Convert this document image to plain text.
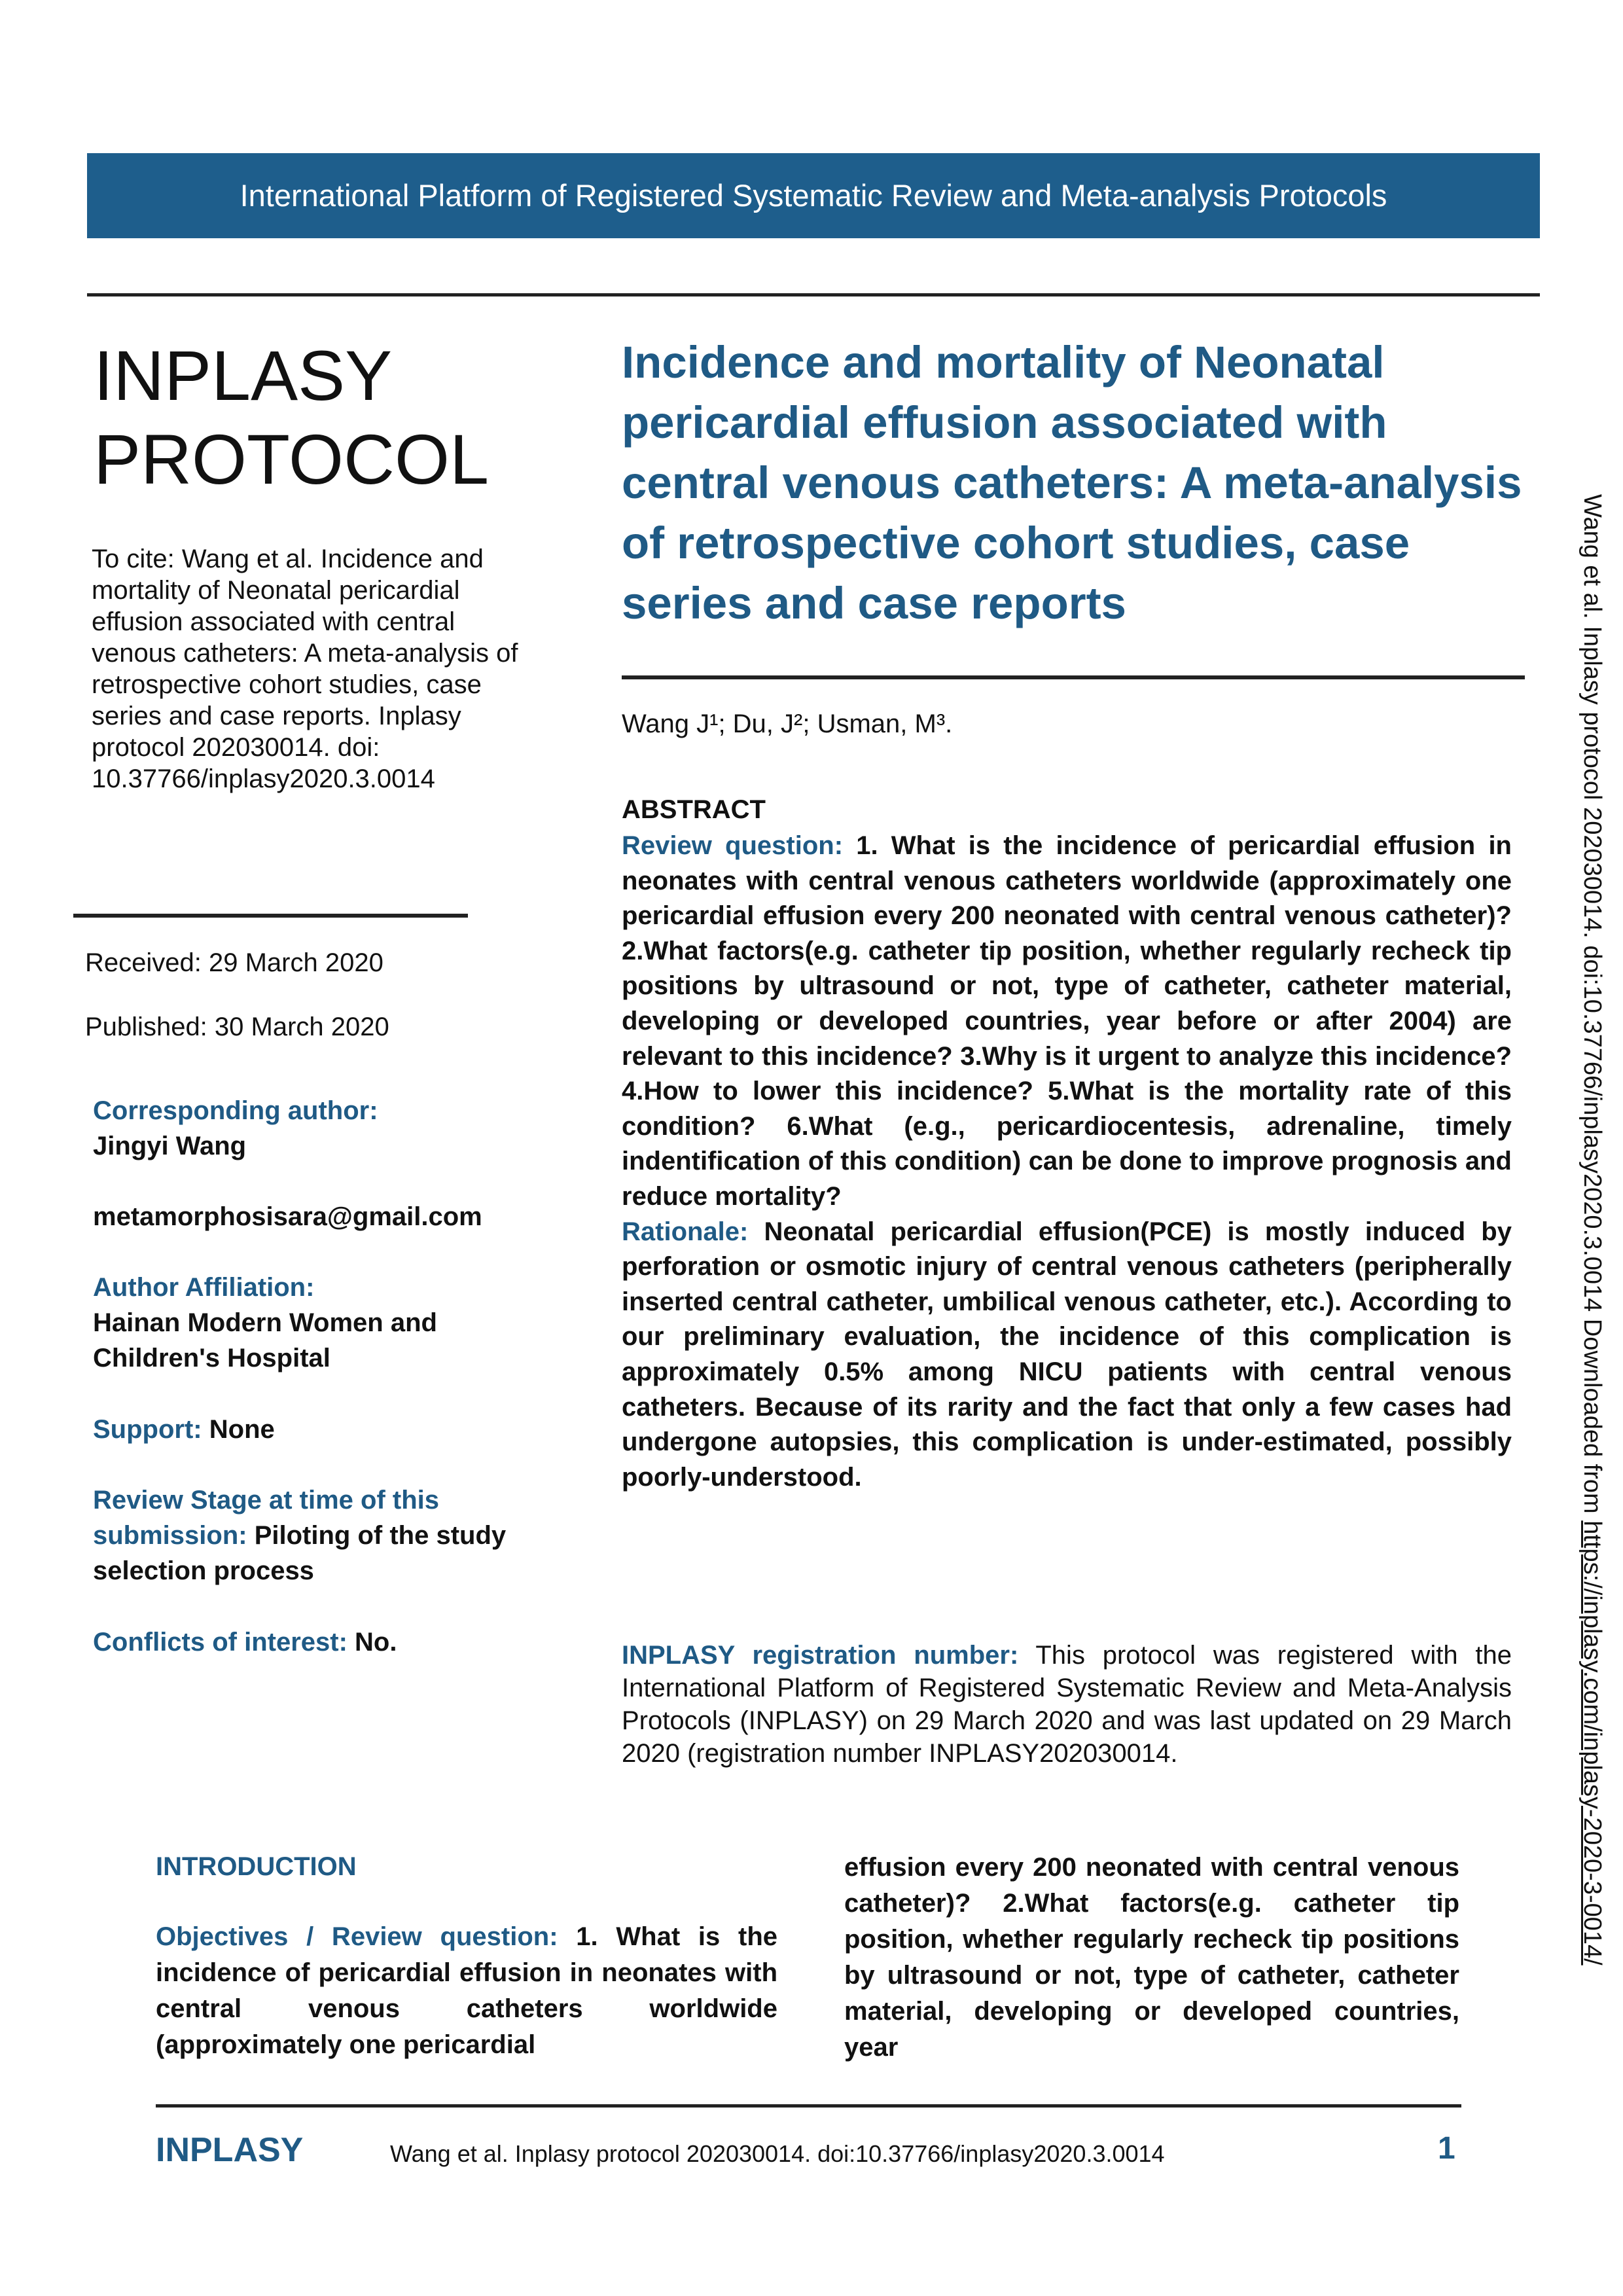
International Platform of Registered Systematic Review and Meta-analysis Protocols
INPLASY
PROTOCOL
To cite: Wang et al. Incidence and mortality of Neonatal pericardial effusion associated with central venous catheters: A meta-analysis of retrospective cohort studies, case series and case reports. Inplasy protocol 202030014. doi: 10.37766/inplasy2020.3.0014
Received: 29 March 2020
Published: 30 March 2020
Corresponding author:
Jingyi Wang
metamorphosisara@gmail.com
Author Affiliation:
Hainan Modern Women and Children's Hospital
Support: None
Review Stage at time of this submission: Piloting of the study selection process
Conflicts of interest: No.
Incidence and mortality of Neonatal pericardial effusion associated with central venous catheters: A meta-analysis of retrospective cohort studies, case series and case reports
Wang J¹; Du, J²; Usman, M³.
ABSTRACT
Review question: 1. What is the incidence of pericardial effusion in neonates with central venous catheters worldwide (approximately one pericardial effusion every 200 neonated with central venous catheter)? 2.What factors(e.g. catheter tip position, whether regularly recheck tip positions by ultrasound or not, type of catheter, catheter material, developing or developed countries, year before or after 2004) are relevant to this incidence? 3.Why is it urgent to analyze this incidence? 4.How to lower this incidence? 5.What is the mortality rate of this condition? 6.What (e.g., pericardiocentesis, adrenaline, timely indentification of this condition) can be done to improve prognosis and reduce mortality?
Rationale: Neonatal pericardial effusion(PCE) is mostly induced by perforation or osmotic injury of central venous catheters (peripherally inserted central catheter, umbilical venous catheter, etc.). According to our preliminary evaluation, the incidence of this complication is approximately 0.5% among NICU patients with central venous catheters. Because of its rarity and the fact that only a few cases had undergone autopsies, this complication is under-estimated, possibly poorly-understood.
INPLASY registration number: This protocol was registered with the International Platform of Registered Systematic Review and Meta-Analysis Protocols (INPLASY) on 29 March 2020 and was last updated on 29 March 2020 (registration number INPLASY202030014.
Wang et al. Inplasy protocol 202030014. doi:10.37766/inplasy2020.3.0014 Downloaded from https://inplasy.com/inplasy-2020-3-0014/
INTRODUCTION
Objectives / Review question: 1. What is the incidence of pericardial effusion in neonates with central venous catheters worldwide (approximately one pericardial
effusion every 200 neonated with central venous catheter)? 2.What factors(e.g. catheter tip position, whether regularly recheck tip positions by ultrasound or not, type of catheter, catheter material, developing or developed countries, year
INPLASY	Wang et al. Inplasy protocol 202030014. doi:10.37766/inplasy2020.3.0014	1
